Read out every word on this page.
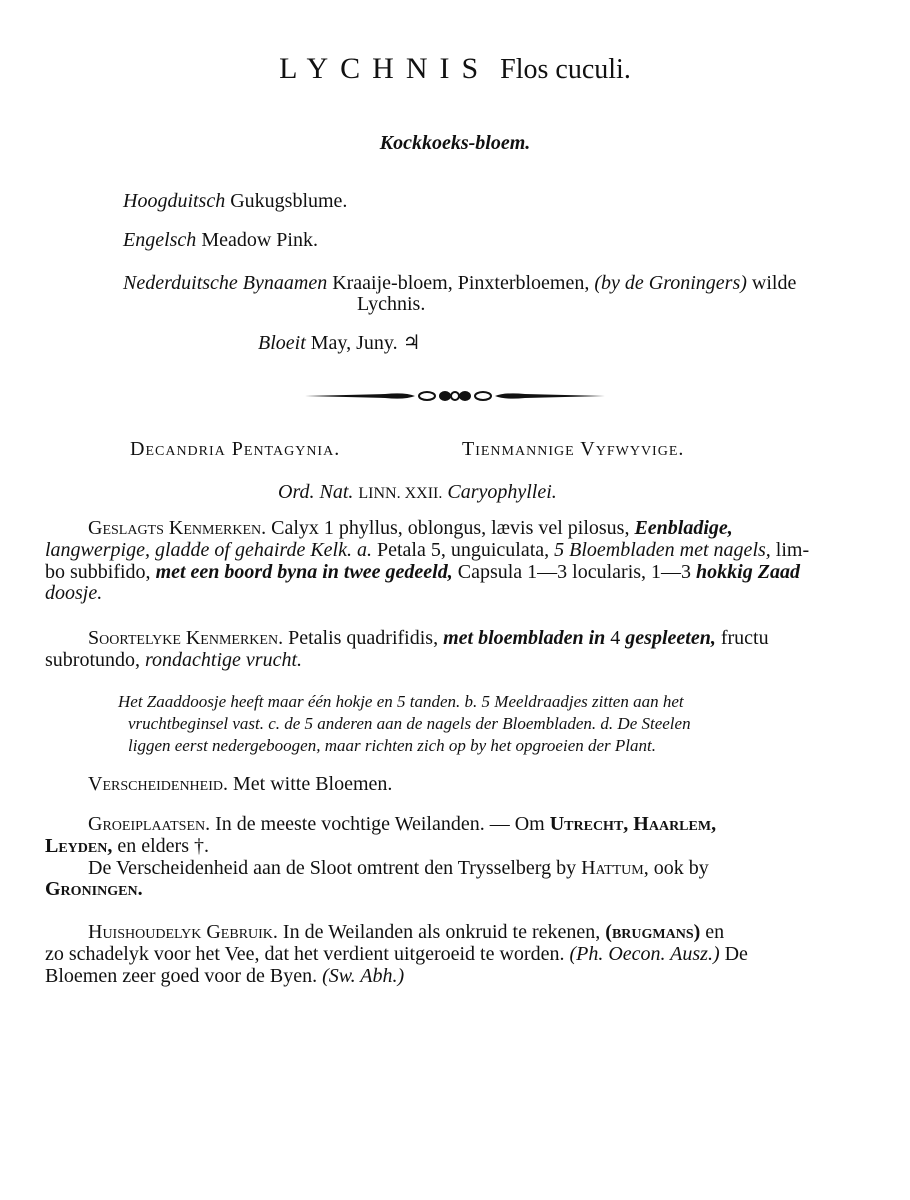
LYCHNIS Flos cuculi.
Kockkoeks-bloem.
Hoogduitsch Gukugsblume.
Engelsch Meadow Pink.
Nederduitsche Bynaamen Kraaije-bloem, Pinxterbloemen, (by de Groningers) wilde
Lychnis.
Bloeit May, Juny. ♃
Decandria Pentagynia.	Tienmannige Vyfwyvige.
Ord. Nat. LINN. XXII. Caryophyllei.
Geslagts Kenmerken. Calyx 1 phyllus, oblongus, lævis vel pilosus, Eenbladige,
langwerpige, gladde of gehairde Kelk. a. Petala 5, unguiculata, 5 Bloembladen met nagels, lim-
bo subbifido, met een boord byna in twee gedeeld, Capsula 1—3 locularis, 1—3 hokkig Zaad
doosje.
Soortelyke Kenmerken. Petalis quadrifidis, met bloembladen in 4 gespleeten, fructu
subrotundo, rondachtige vrucht.
Het Zaaddoosje heeft maar één hokje en 5 tanden. b. 5 Meeldraadjes zitten aan het
vruchtbeginsel vast. c. de 5 anderen aan de nagels der Bloembladen. d. De Steelen
liggen eerst nedergeboogen, maar richten zich op by het opgroeien der Plant.
Verscheidenheid. Met witte Bloemen.
Groeiplaatsen. In de meeste vochtige Weilanden. — Om Utrecht, Haarlem,
Leyden, en elders †.
De Verscheidenheid aan de Sloot omtrent den Trysselberg by Hattum, ook by
Groningen.
Huishoudelyk Gebruik. In de Weilanden als onkruid te rekenen, (brugmans) en
zo schadelyk voor het Vee, dat het verdient uitgeroeid te worden. (Ph. Oecon. Ausz.) De
Bloemen zeer goed voor de Byen. (Sw. Abh.)
